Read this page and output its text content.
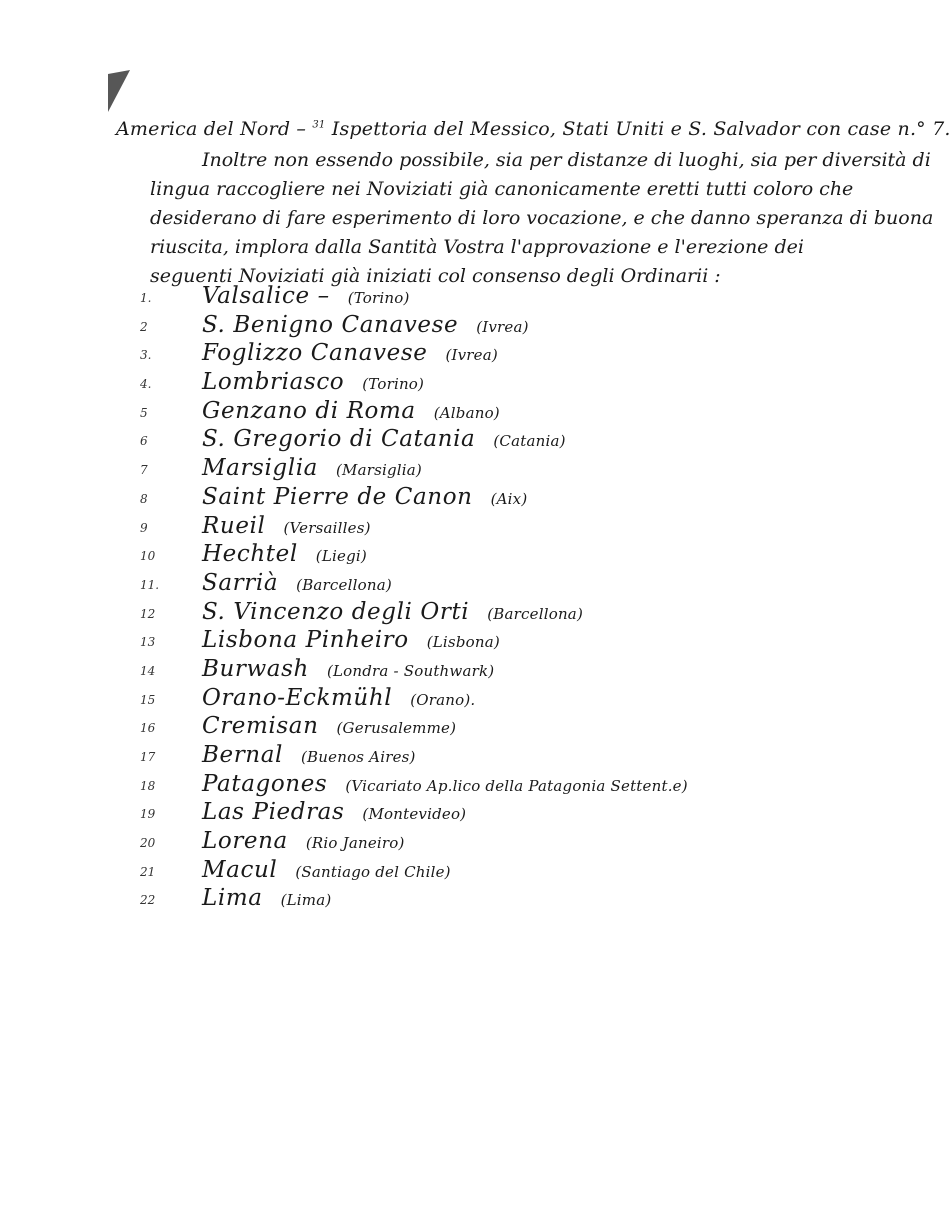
America del Nord – $^{31}$ Ispettoria del Messico, Stati Uniti e S. Salvador con case n.° 7.
Inoltre non essendo possibile, sia per distanze di luoghi, sia per diversità di
lingua raccogliere nei Noviziati già canonicamente eretti tutti coloro che
desiderano di fare esperimento di loro vocazione, e che danno speranza di buona
riuscita, implora dalla Santità Vostra l'approvazione e l'erezione dei
seguenti Noviziati già iniziati col consenso degli Ordinarii :
1.	Valsalice – (Torino)
2	S. Benigno Canavese (Ivrea)
3.	Foglizzo Canavese (Ivrea)
4.	Lombriasco (Torino)
5	Genzano di Roma (Albano)
6	S. Gregorio di Catania (Catania)
7	Marsiglia (Marsiglia)
8	Saint Pierre de Canon (Aix)
9	Rueil (Versailles)
10	Hechtel (Liegi)
11.	Sarrià (Barcellona)
12	S. Vincenzo degli Orti (Barcellona)
13	Lisbona Pinheiro (Lisbona)
14	Burwash (Londra - Southwark)
15	Orano-Eckmühl (Orano).
16	Cremisan (Gerusalemme)
17	Bernal (Buenos Aires)
18	Patagones (Vicariato Ap.lico della Patagonia Settent.e)
19	Las Piedras (Montevideo)
20	Lorena (Rio Janeiro)
21	Macul (Santiago del Chile)
22	Lima (Lima)
